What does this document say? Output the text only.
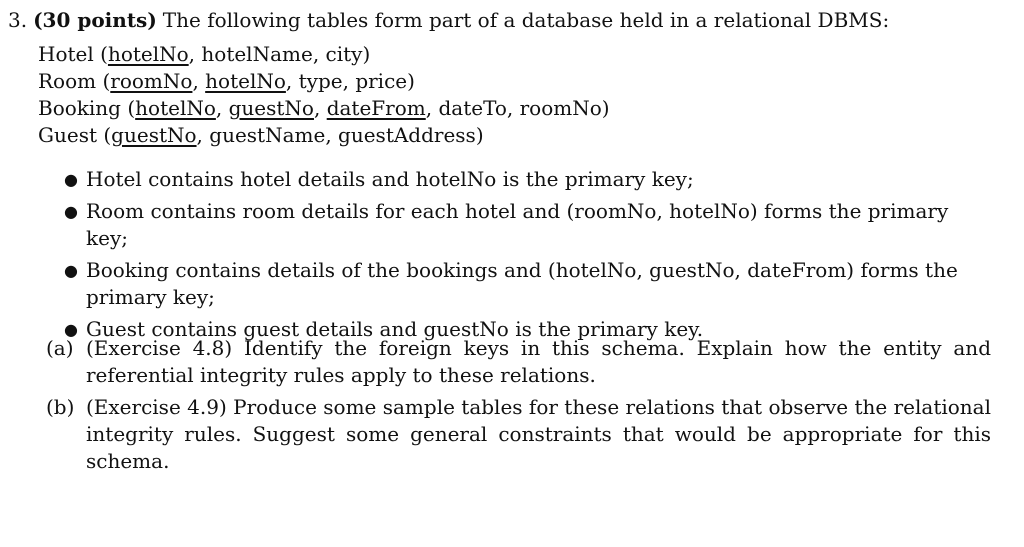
3. (30 points) The following tables form part of a database held in a relational DBMS:
Hotel (hotelNo, hotelName, city)
Room (roomNo, hotelNo, type, price)
Booking (hotelNo, guestNo, dateFrom, dateTo, roomNo)
Guest (guestNo, guestName, guestAddress)
● Hotel contains hotel details and hotelNo is the primary key;
● Room contains room details for each hotel and (roomNo, hotelNo) forms the primary key;
● Booking contains details of the bookings and (hotelNo, guestNo, dateFrom) forms the primary key;
● Guest contains guest details and guestNo is the primary key.
(a) (Exercise 4.8) Identify the foreign keys in this schema. Explain how the entity and referential integrity rules apply to these relations.
(b) (Exercise 4.9) Produce some sample tables for these relations that observe the relational integrity rules. Suggest some general constraints that would be appropriate for this schema.
